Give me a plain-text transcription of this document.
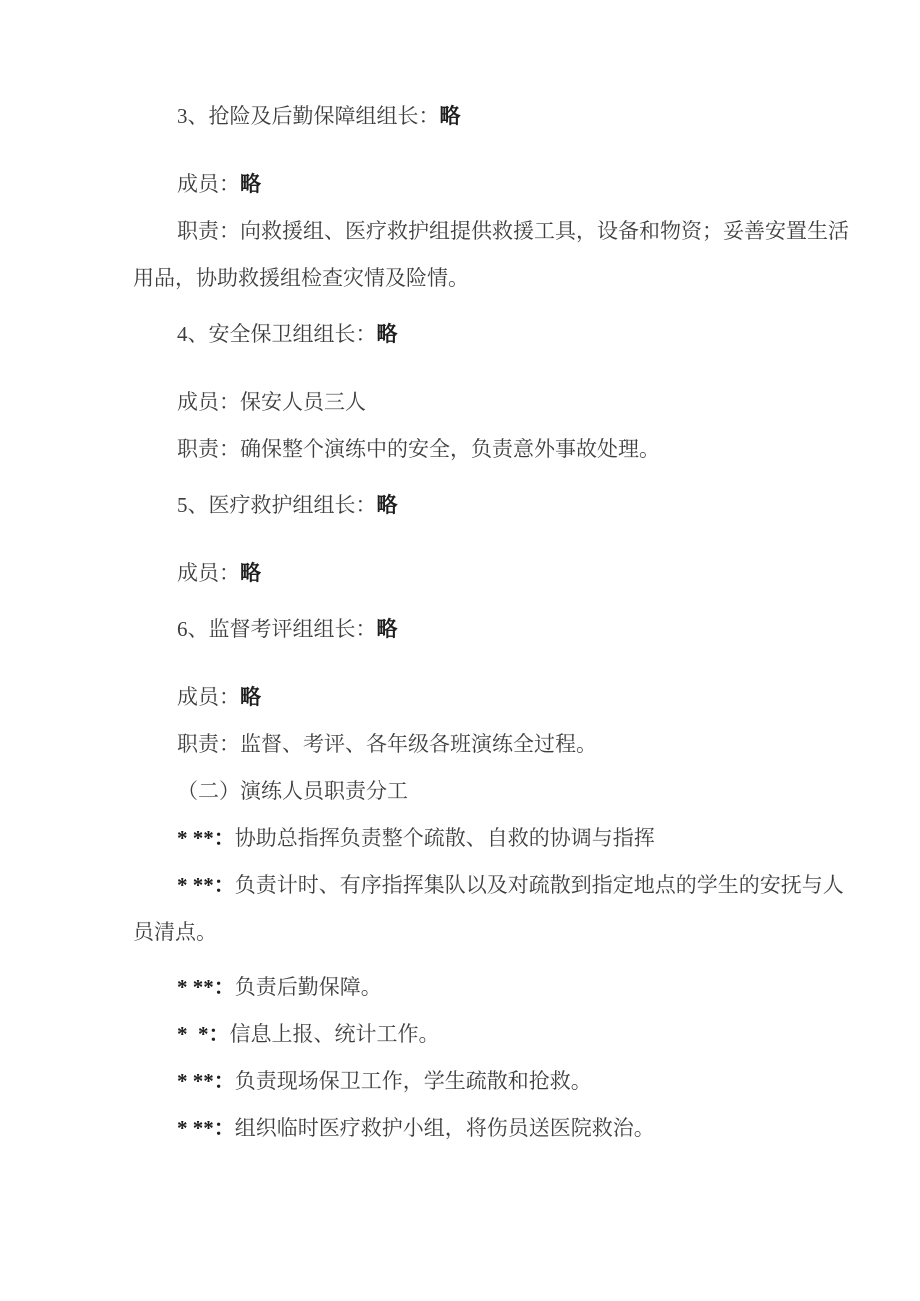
3、抢险及后勤保障组组长：略

成员：略

职责：向救援组、医疗救护组提供救援工具，设备和物资；妥善安置生活用品，协助救援组检查灾情及险情。

4、安全保卫组组长：略

成员：保安人员三人

职责：确保整个演练中的安全，负责意外事故处理。

5、医疗救护组组长：略

成员：略

6、监督考评组组长：略

成员：略

职责：监督、考评、各年级各班演练全过程。

（二）演练人员职责分工

* **：协助总指挥负责整个疏散、自救的协调与指挥

* **：负责计时、有序指挥集队以及对疏散到指定地点的学生的安抚与人员清点。

* **：负责后勤保障。

*  *：信息上报、统计工作。

* **：负责现场保卫工作，学生疏散和抢救。

* **：组织临时医疗救护小组，将伤员送医院救治。
